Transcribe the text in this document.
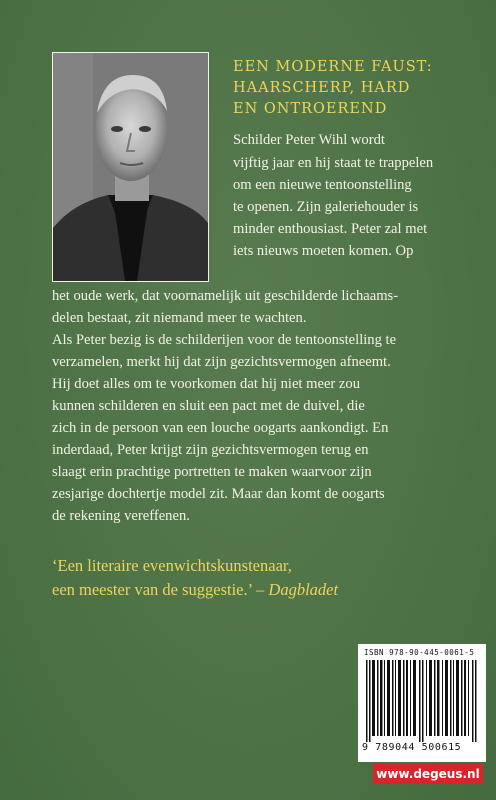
EEN MODERNE FAUST:
HAARSCHERP, HARD
EN ONTROEREND
Schilder Peter Wihl wordt
vijftig jaar en hij staat te trappelen
om een nieuwe tentoonstelling
te openen. Zijn galeriehouder is
minder enthousiast. Peter zal met
iets nieuws moeten komen. Op
het oude werk, dat voornamelijk uit geschilderde lichaams-
delen bestaat, zit niemand meer te wachten.
Als Peter bezig is de schilderijen voor de tentoonstelling te
verzamelen, merkt hij dat zijn gezichtsvermogen afneemt.
Hij doet alles om te voorkomen dat hij niet meer zou
kunnen schilderen en sluit een pact met de duivel, die
zich in de persoon van een louche oogarts aankondigt. En
inderdaad, Peter krijgt zijn gezichtsvermogen terug en
slaagt erin prachtige portretten te maken waarvoor zijn
zesjarige dochtertje model zit. Maar dan komt de oogarts
de rekening vereffenen.
‘Een literaire evenwichtskunstenaar,
een meester van de suggestie.’ – Dagbladet
ISBN 978-90-445-0061-5
9 789044 500615
www.degeus.nl
